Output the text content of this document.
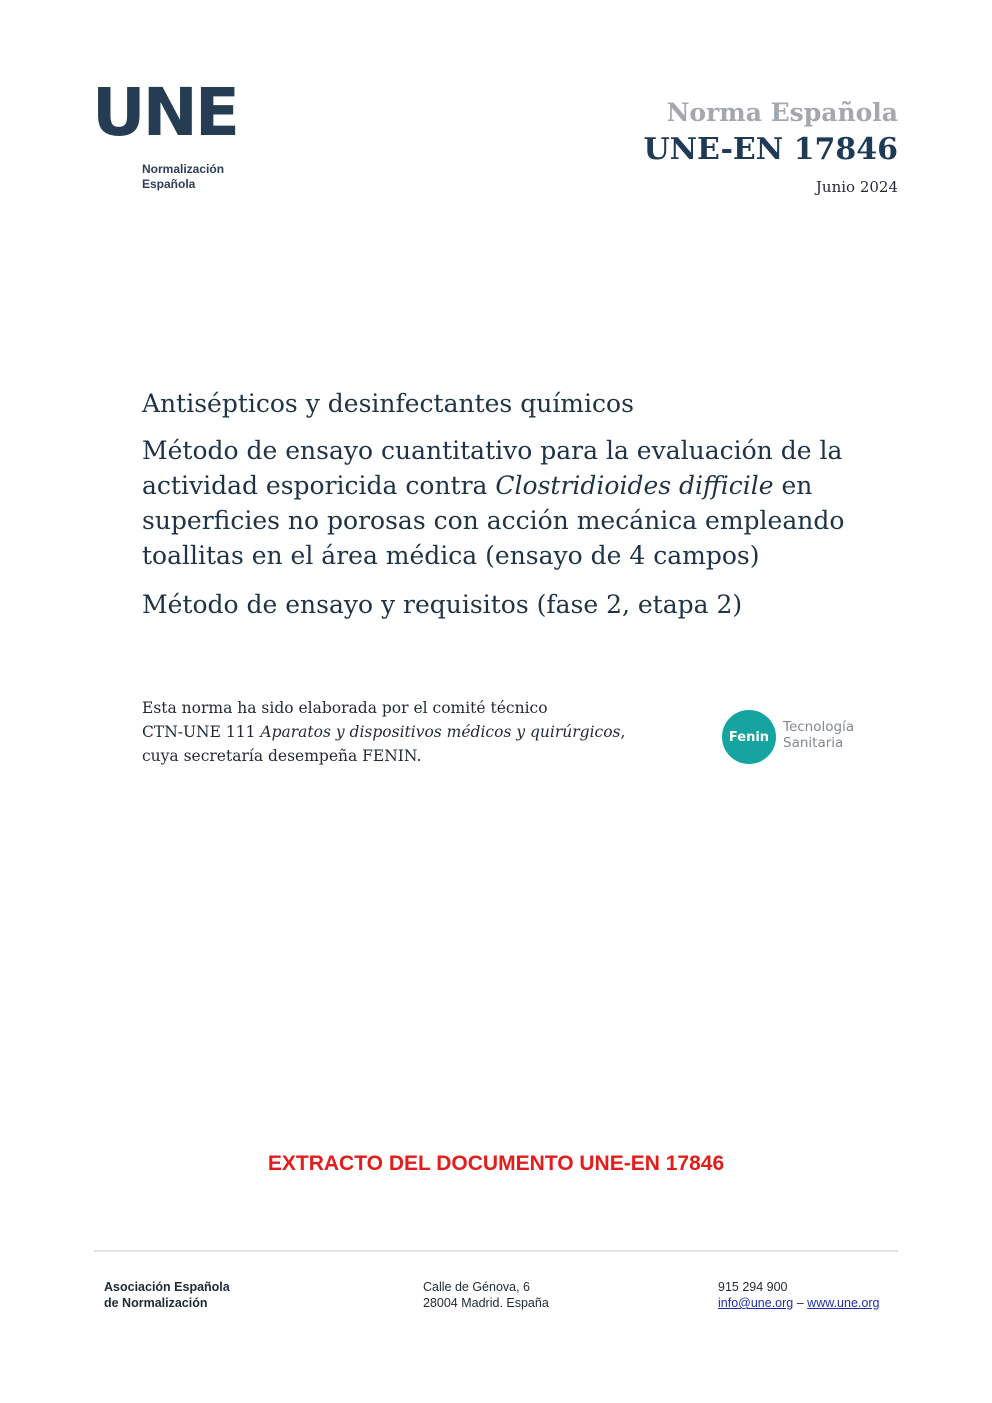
UNE
Normalización
Española
Norma Española
UNE-EN 17846
Junio 2024

Antisépticos y desinfectantes químicos

Método de ensayo cuantitativo para la evaluación de la actividad esporicida contra Clostridioides difficile en superficies no porosas con acción mecánica empleando toallitas en el área médica (ensayo de 4 campos)

Método de ensayo y requisitos (fase 2, etapa 2)

Esta norma ha sido elaborada por el comité técnico
CTN-UNE 111 Aparatos y dispositivos médicos y quirúrgicos,
cuya secretaría desempeña FENIN.
Fenin
Tecnología
Sanitaria
EXTRACTO DEL DOCUMENTO UNE-EN 17846
Asociación Española
de Normalización
Calle de Génova, 6
28004 Madrid. España
915 294 900
info@une.org – www.une.org
